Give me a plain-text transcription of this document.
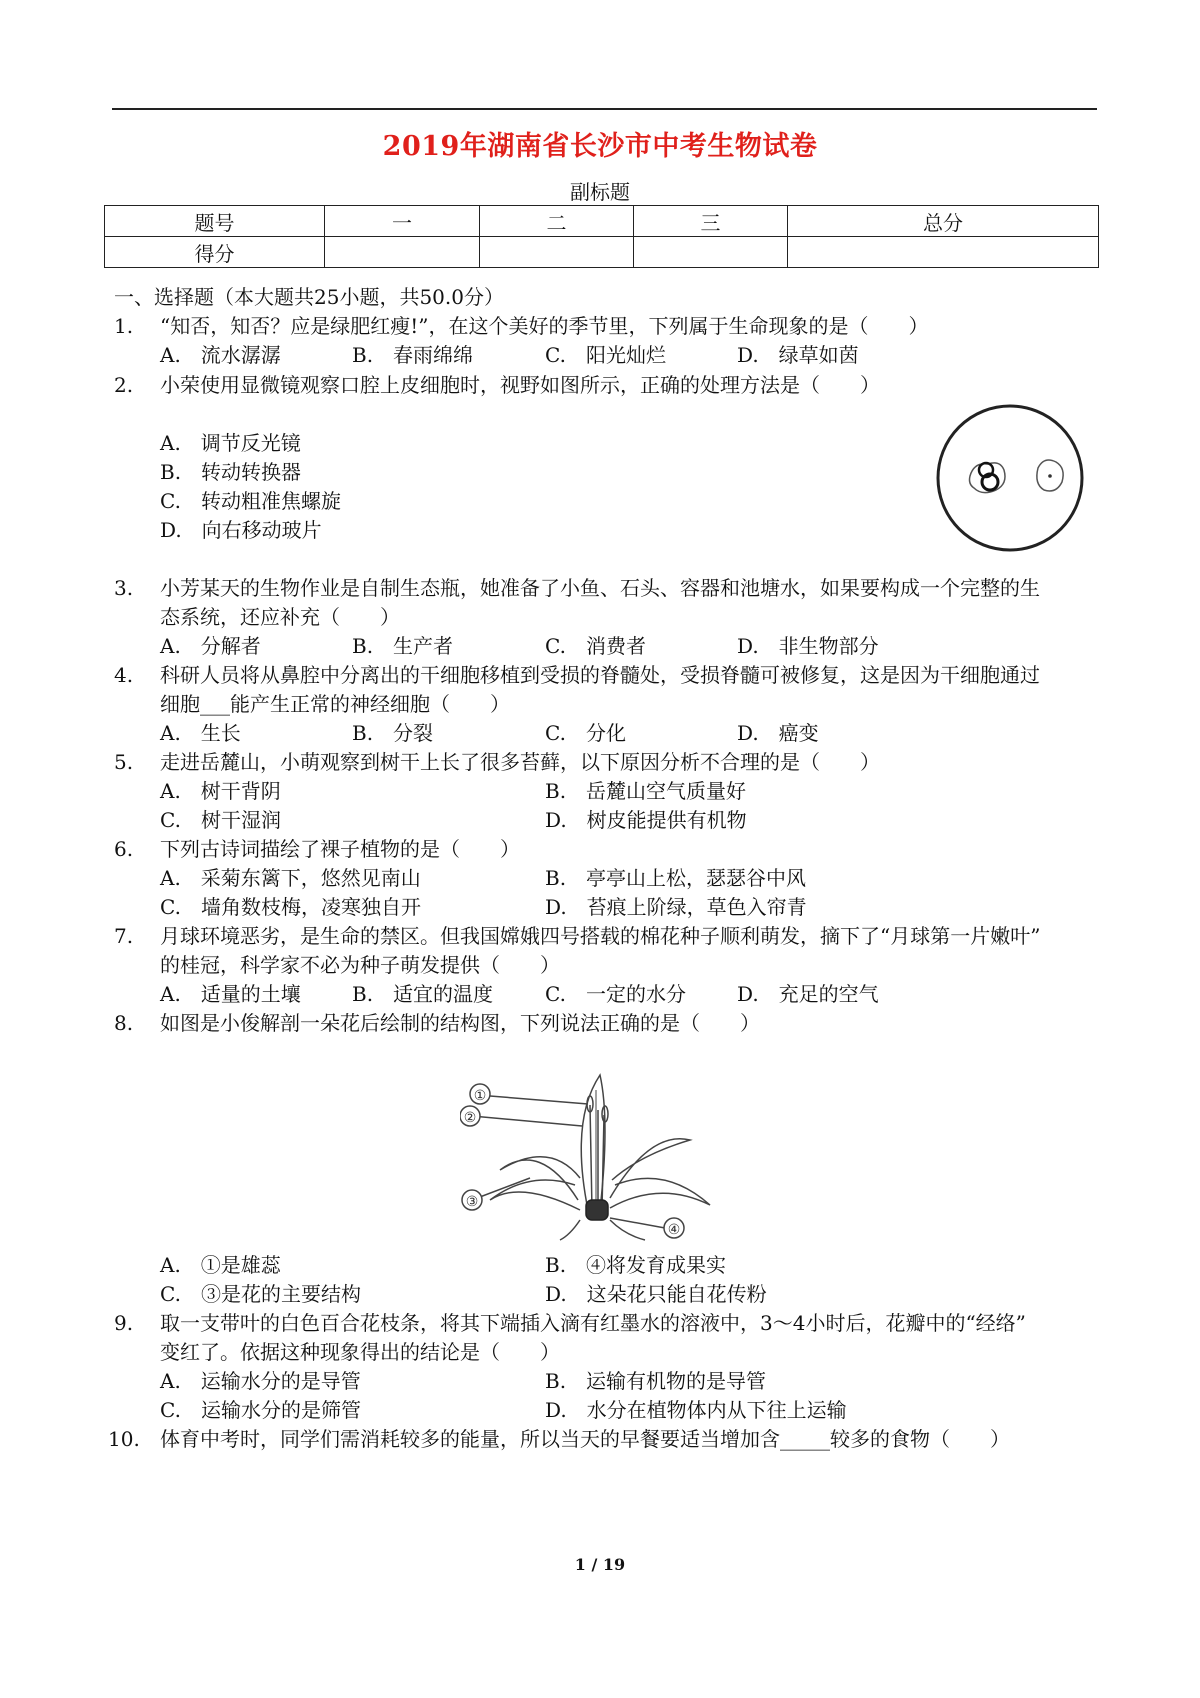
2019年湖南省长沙市中考生物试卷
副标题
题号	一	二	三	总分
得分				
一、选择题（本大题共25小题，共50.0分）
1. “知否，知否？应是绿肥红瘦!”，在这个美好的季节里，下列属于生命现象的是（　　）
A.　流水潺潺	B.　春雨绵绵	C.　阳光灿烂	D.　绿草如茵
2. 小荣使用显微镜观察口腔上皮细胞时，视野如图所示，正确的处理方法是（　　）
A.　调节反光镜
B.　转动转换器
C.　转动粗准焦螺旋
D.　向右移动玻片
3. 小芳某天的生物作业是自制生态瓶，她准备了小鱼、石头、容器和池塘水，如果要构成一个完整的生
态系统，还应补充（　　）
A.　分解者	B.　生产者	C.　消费者	D.　非生物部分
4. 科研人员将从鼻腔中分离出的干细胞移植到受损的脊髓处，受损脊髓可被修复，这是因为干细胞通过
细胞___能产生正常的神经细胞（　　）
A.　生长	B.　分裂	C.　分化	D.　癌变
5. 走进岳麓山，小萌观察到树干上长了很多苔藓，以下原因分析不合理的是（　　）
A.　树干背阴	B.　岳麓山空气质量好
C.　树干湿润	D.　树皮能提供有机物
6. 下列古诗词描绘了裸子植物的是（　　）
A.　采菊东篱下，悠然见南山	B.　亭亭山上松，瑟瑟谷中风
C.　墙角数枝梅，凌寒独自开	D.　苔痕上阶绿，草色入帘青
7. 月球环境恶劣，是生命的禁区。但我国嫦娥四号搭载的棉花种子顺利萌发，摘下了“月球第一片嫩叶”
的桂冠，科学家不必为种子萌发提供（　　）
A.　适量的土壤	B.　适宜的温度	C.　一定的水分	D.　充足的空气
8. 如图是小俊解剖一朵花后绘制的结构图，下列说法正确的是（　　）
①
②
③
④
A.　①是雄蕊	B.　④将发育成果实
C.　③是花的主要结构	D.　这朵花只能自花传粉
9. 取一支带叶的白色百合花枝条，将其下端插入滴有红墨水的溶液中，3～4小时后，花瓣中的“经络”
变红了。依据这种现象得出的结论是（　　）
A.　运输水分的是导管	B.　运输有机物的是导管
C.　运输水分的是筛管	D.　水分在植物体内从下往上运输
10. 体育中考时，同学们需消耗较多的能量，所以当天的早餐要适当增加含_____较多的食物（　　）
1 / 19
